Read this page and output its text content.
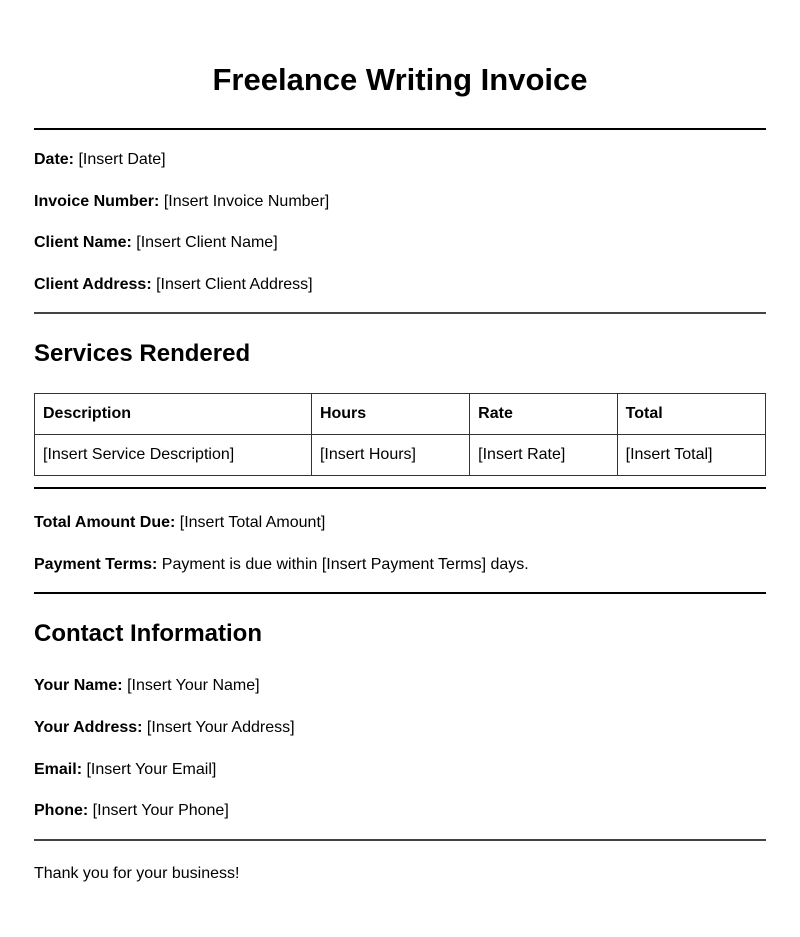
Freelance Writing Invoice
Date: [Insert Date]
Invoice Number: [Insert Invoice Number]
Client Name: [Insert Client Name]
Client Address: [Insert Client Address]
Services Rendered
Description	Hours	Rate	Total
[Insert Service Description]	[Insert Hours]	[Insert Rate]	[Insert Total]
Total Amount Due: [Insert Total Amount]
Payment Terms: Payment is due within [Insert Payment Terms] days.
Contact Information
Your Name: [Insert Your Name]
Your Address: [Insert Your Address]
Email: [Insert Your Email]
Phone: [Insert Your Phone]
Thank you for your business!
